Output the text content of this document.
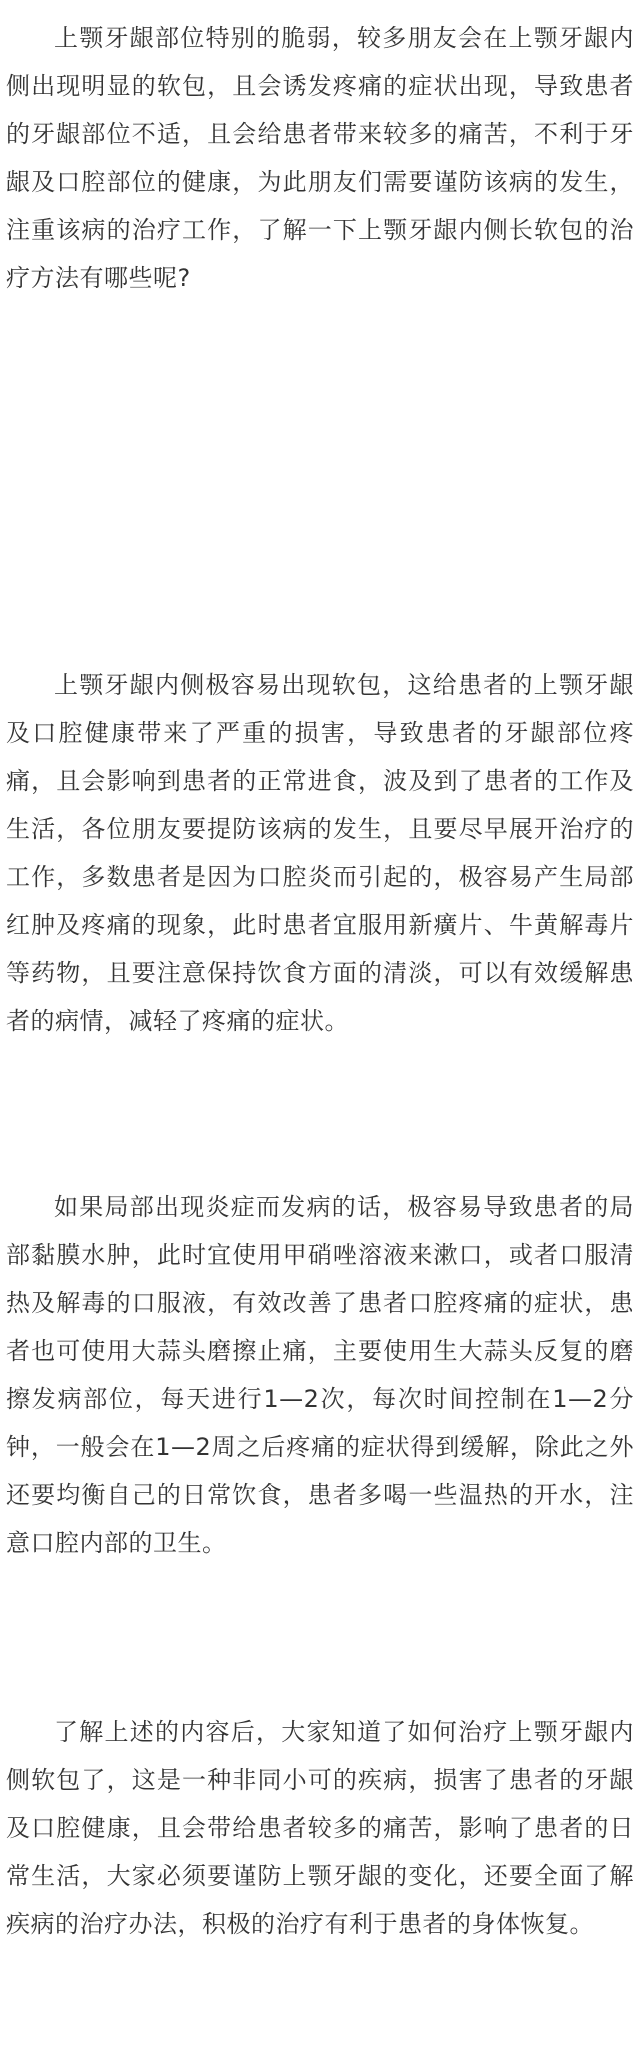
上颚牙龈部位特别的脆弱，较多朋友会在上颚牙龈内侧出现明显的软包，且会诱发疼痛的症状出现，导致患者的牙龈部位不适，且会给患者带来较多的痛苦，不利于牙龈及口腔部位的健康，为此朋友们需要谨防该病的发生，注重该病的治疗工作，了解一下上颚牙龈内侧长软包的治疗方法有哪些呢?

上颚牙龈内侧极容易出现软包，这给患者的上颚牙龈及口腔健康带来了严重的损害，导致患者的牙龈部位疼痛，且会影响到患者的正常进食，波及到了患者的工作及生活，各位朋友要提防该病的发生，且要尽早展开治疗的工作，多数患者是因为口腔炎而引起的，极容易产生局部红肿及疼痛的现象，此时患者宜服用新癀片、牛黄解毒片等药物，且要注意保持饮食方面的清淡，可以有效缓解患者的病情，减轻了疼痛的症状。

如果局部出现炎症而发病的话，极容易导致患者的局部黏膜水肿，此时宜使用甲硝唑溶液来漱口，或者口服清热及解毒的口服液，有效改善了患者口腔疼痛的症状，患者也可使用大蒜头磨擦止痛，主要使用生大蒜头反复的磨擦发病部位，每天进行1—2次，每次时间控制在1—2分钟，一般会在1—2周之后疼痛的症状得到缓解，除此之外还要均衡自己的日常饮食，患者多喝一些温热的开水，注意口腔内部的卫生。

了解上述的内容后，大家知道了如何治疗上颚牙龈内侧软包了，这是一种非同小可的疾病，损害了患者的牙龈及口腔健康，且会带给患者较多的痛苦，影响了患者的日常生活，大家必须要谨防上颚牙龈的变化，还要全面了解疾病的治疗办法，积极的治疗有利于患者的身体恢复。
